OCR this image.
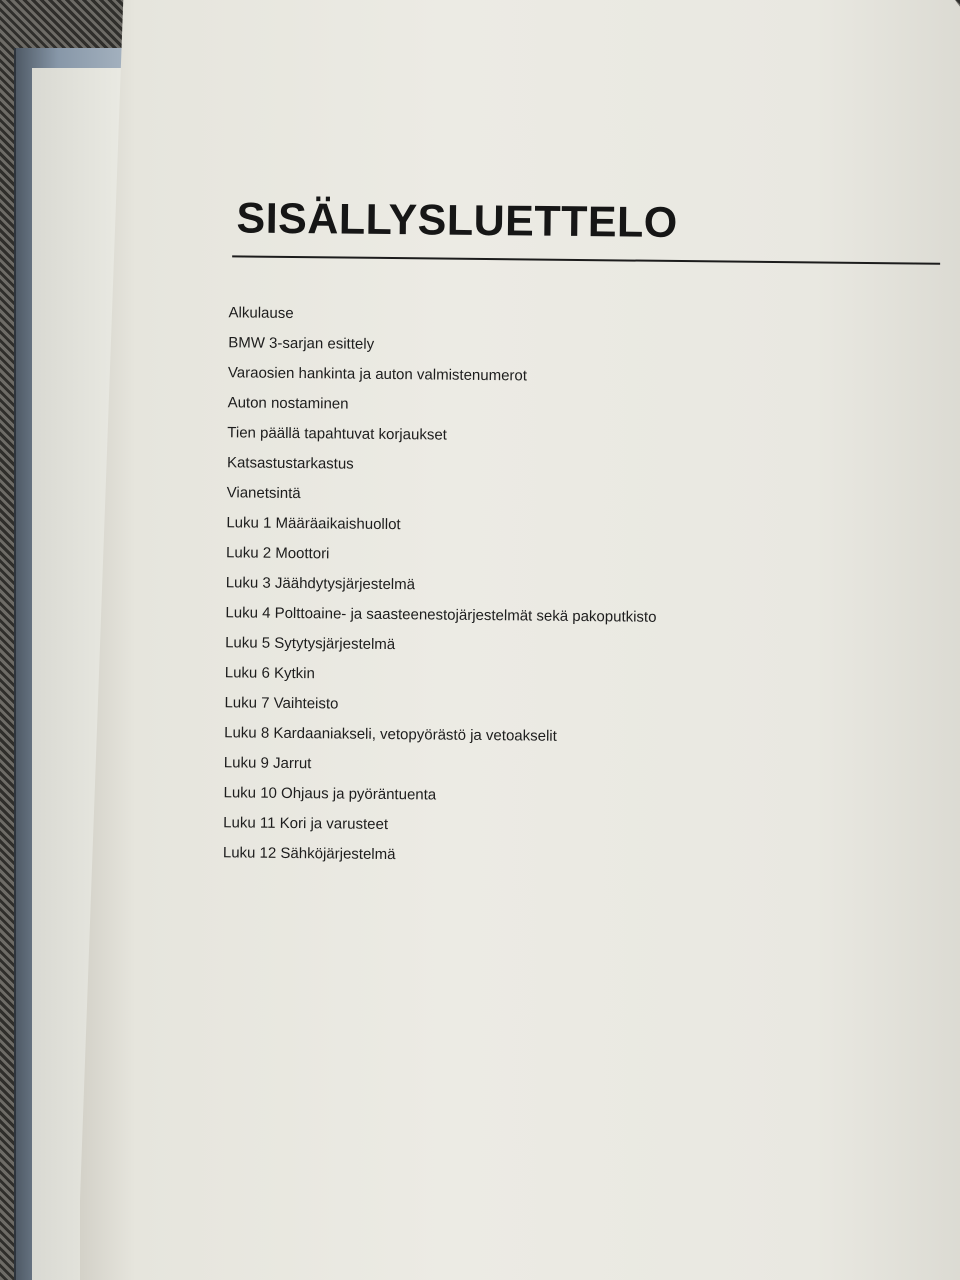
SISÄLLYSLUETTELO
Alkulause
BMW 3-sarjan esittely
Varaosien hankinta ja auton valmistenumerot
Auton nostaminen
Tien päällä tapahtuvat korjaukset
Katsastustarkastus
Vianetsintä
Luku 1 Määräaikaishuollot
Luku 2 Moottori
Luku 3 Jäähdytysjärjestelmä
Luku 4 Polttoaine- ja saasteenestojärjestelmät sekä pakoputkisto
Luku 5 Sytytysjärjestelmä
Luku 6 Kytkin
Luku 7 Vaihteisto
Luku 8 Kardaaniakseli, vetopyörästö ja vetoakselit
Luku 9 Jarrut
Luku 10 Ohjaus ja pyöräntuenta
Luku 11 Kori ja varusteet
Luku 12 Sähköjärjestelmä
